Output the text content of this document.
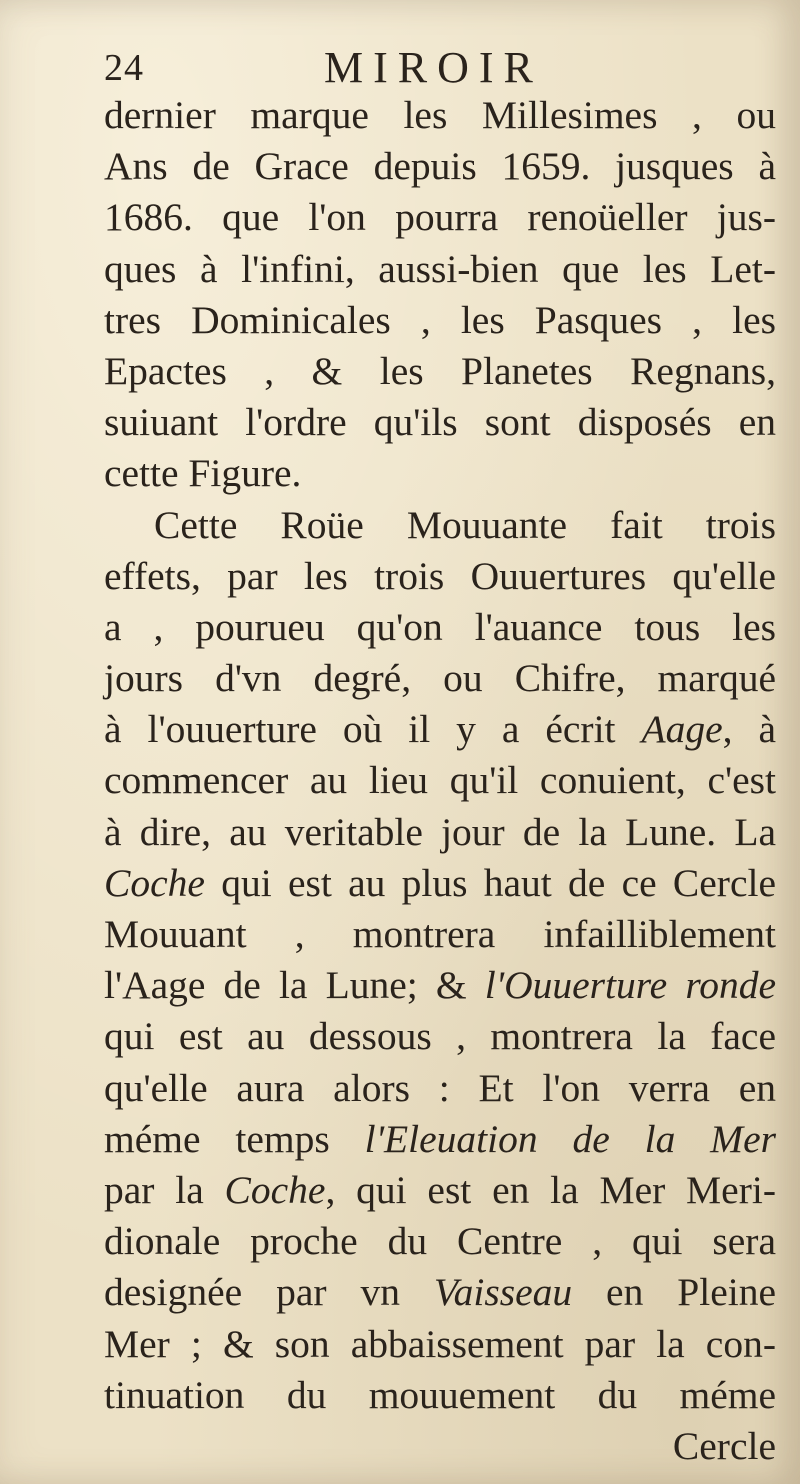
24	MIROIR
dernier marque les Millesimes , ou
Ans de Grace depuis 1659. jusques à
1686. que l'on pourra renoüeller jus-
ques à l'infini, aussi-bien que les Let-
tres Dominicales , les Pasques , les
Epactes , & les Planetes Regnans,
suiuant l'ordre qu'ils sont disposés en
cette Figure.
Cette Roüe Mouuante fait trois
effets, par les trois Ouuertures qu'elle
a , pourueu qu'on l'auance tous les
jours d'vn degré, ou Chifre, marqué
à l'ouuerture où il y a écrit Aage, à
commencer au lieu qu'il conuient, c'est
à dire, au veritable jour de la Lune. La
Coche qui est au plus haut de ce Cercle
Mouuant , montrera infailliblement
l'Aage de la Lune; & l'Ouuerture ronde
qui est au dessous , montrera la face
qu'elle aura alors : Et l'on verra en
méme temps l'Eleuation de la Mer
par la Coche, qui est en la Mer Meri-
dionale proche du Centre , qui sera
designée par vn Vaisseau en Pleine
Mer ; & son abbaissement par la con-
tinuation du mouuement du méme
Cercle
